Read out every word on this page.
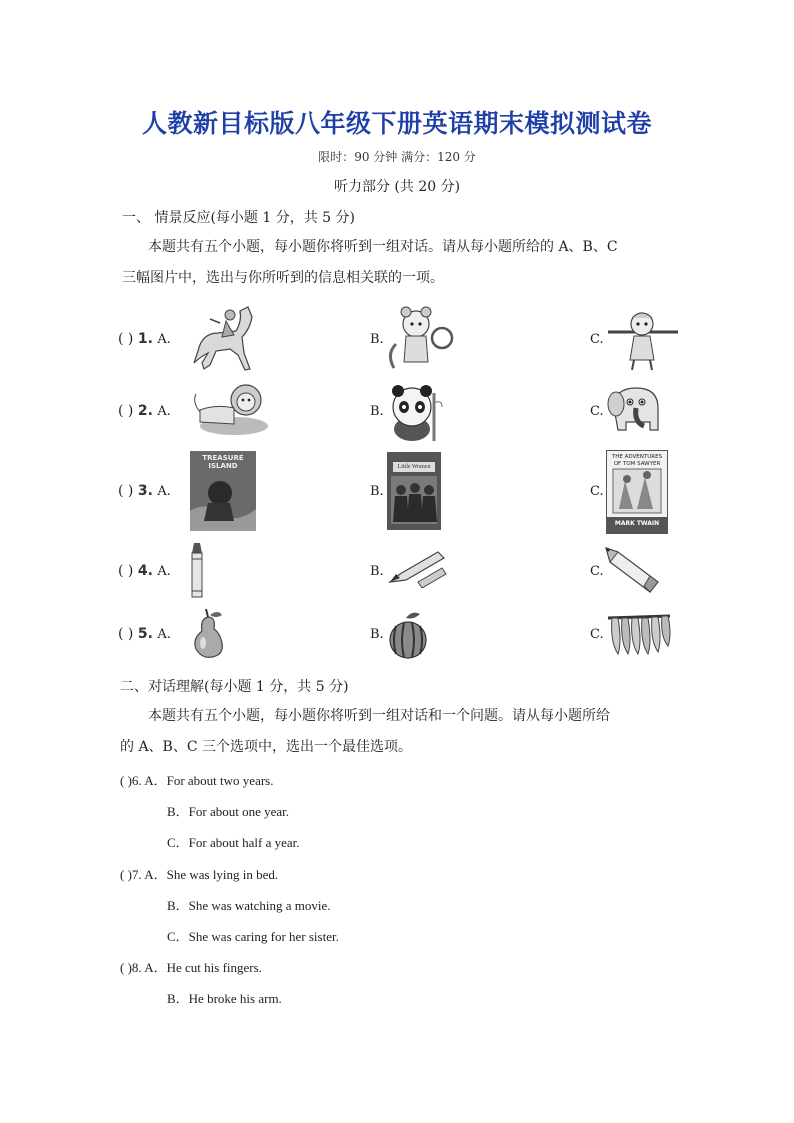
人教新目标版八年级下册英语期末模拟测试卷
限时：90 分钟 满分：120 分
听力部分 (共 20 分)
一、 情景反应(每小题 1 分，共 5 分)
本题共有五个小题，每小题你将听到一组对话。请从每小题所给的 A、B、C
三幅图片中，选出与你所听到的信息相关联的一项。
( ) 1. A.	B.	C.
( ) 2. A.	B.	C.
( ) 3. A.	B.	C.
TREASURE ISLAND	Little Women
THE ADVENTURES OF TOM SAWYER
MARK TWAIN
( ) 4. A.	B.	C.
( ) 5. A.	B.	C.
二、对话理解(每小题 1 分，共 5 分)
本题共有五个小题，每小题你将听到一组对话和一个问题。请从每小题所给
的 A、B、C 三个选项中，选出一个最佳选项。
( )6. A．For about two years.
B．For about one year.
C．For about half a year.
( )7. A．She was lying in bed.
B．She was watching a movie.
C．She was caring for her sister.
( )8. A．He cut his fingers.
B．He broke his arm.
